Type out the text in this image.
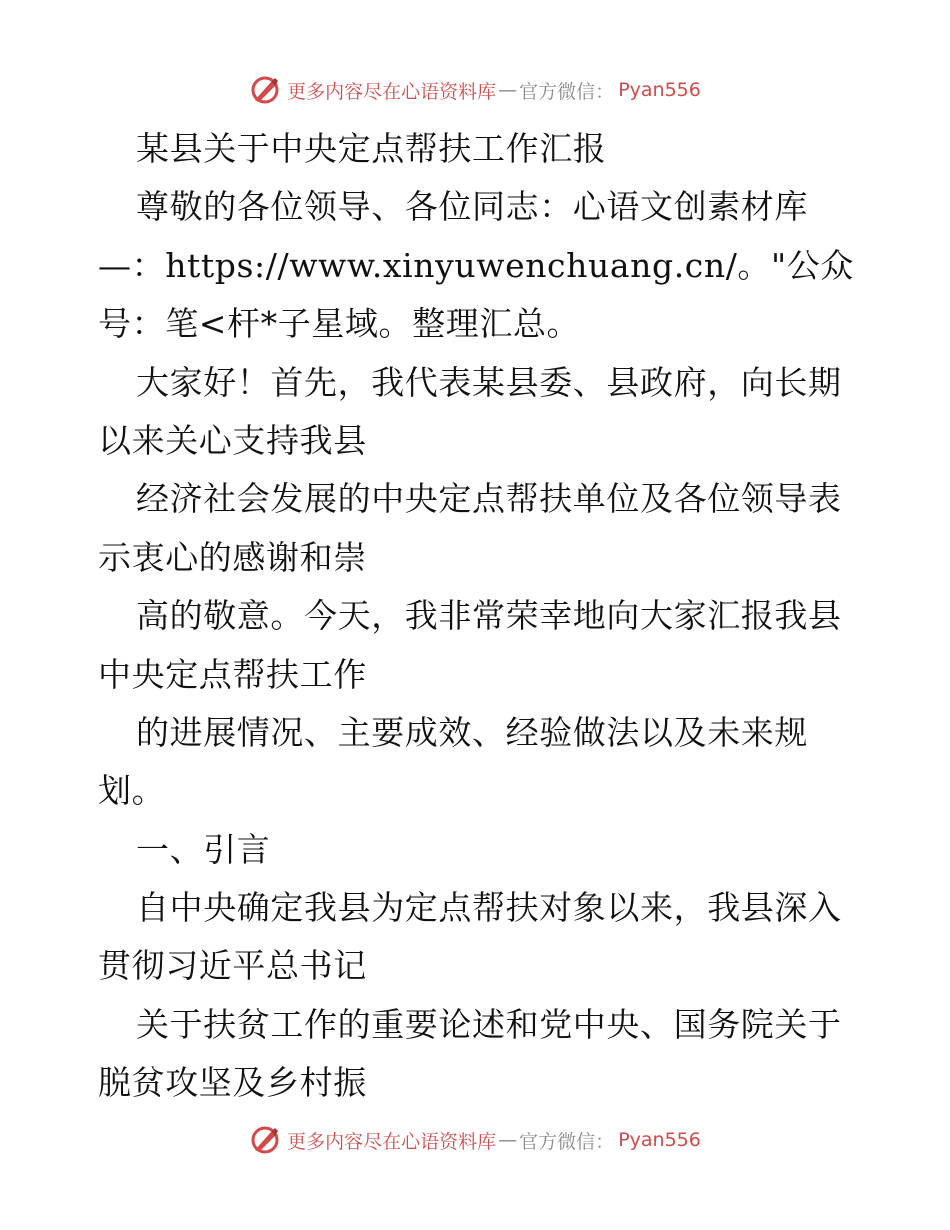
更多内容尽在心语资料库 — 官方微信： Pyan556
某县关于中央定点帮扶工作汇报
尊敬的各位领导、各位同志：心语文创素材库
—：https://www.xinyuwenchuang.cn/。"公众
号：笔<杆*子星域。整理汇总。
大家好！首先，我代表某县委、县政府，向长期
以来关心支持我县
经济社会发展的中央定点帮扶单位及各位领导表
示衷心的感谢和崇
高的敬意。今天，我非常荣幸地向大家汇报我县
中央定点帮扶工作
的进展情况、主要成效、经验做法以及未来规
划。
一、引言
自中央确定我县为定点帮扶对象以来，我县深入
贯彻习近平总书记
关于扶贫工作的重要论述和党中央、国务院关于
脱贫攻坚及乡村振
更多内容尽在心语资料库 — 官方微信： Pyan556
